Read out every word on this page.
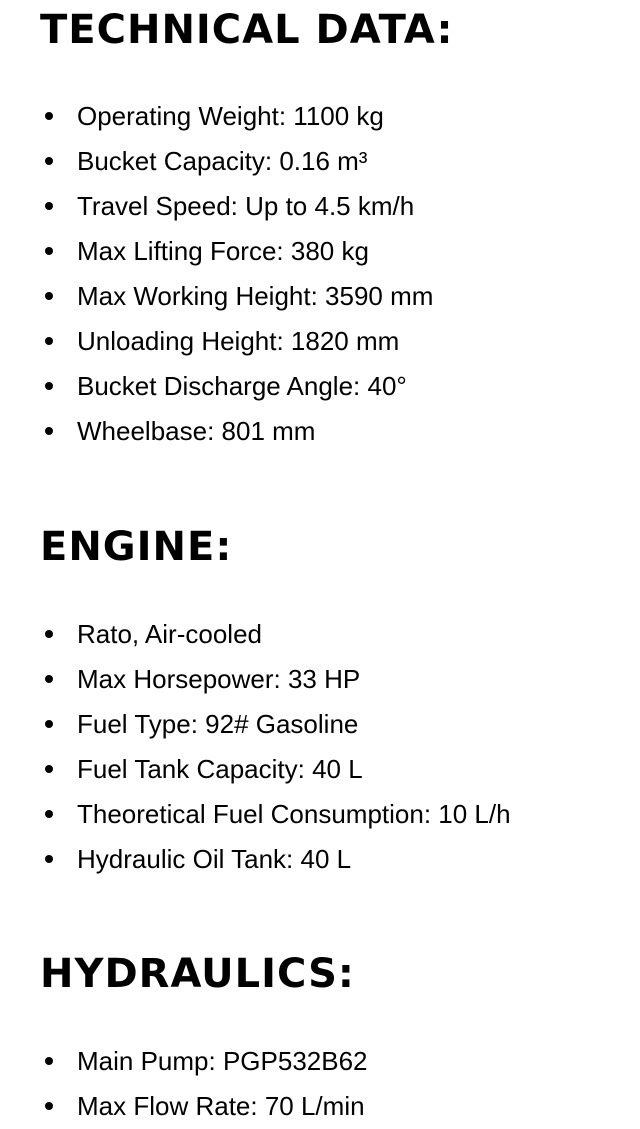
TECHNICAL DATA:
Operating Weight: 1100 kg
Bucket Capacity: 0.16 m³
Travel Speed: Up to 4.5 km/h
Max Lifting Force: 380 kg
Max Working Height: 3590 mm
Unloading Height: 1820 mm
Bucket Discharge Angle: 40°
Wheelbase: 801 mm
ENGINE:
Rato, Air-cooled
Max Horsepower: 33 HP
Fuel Type: 92# Gasoline
Fuel Tank Capacity: 40 L
Theoretical Fuel Consumption: 10 L/h
Hydraulic Oil Tank: 40 L
HYDRAULICS:
Main Pump: PGP532B62
Max Flow Rate: 70 L/min
